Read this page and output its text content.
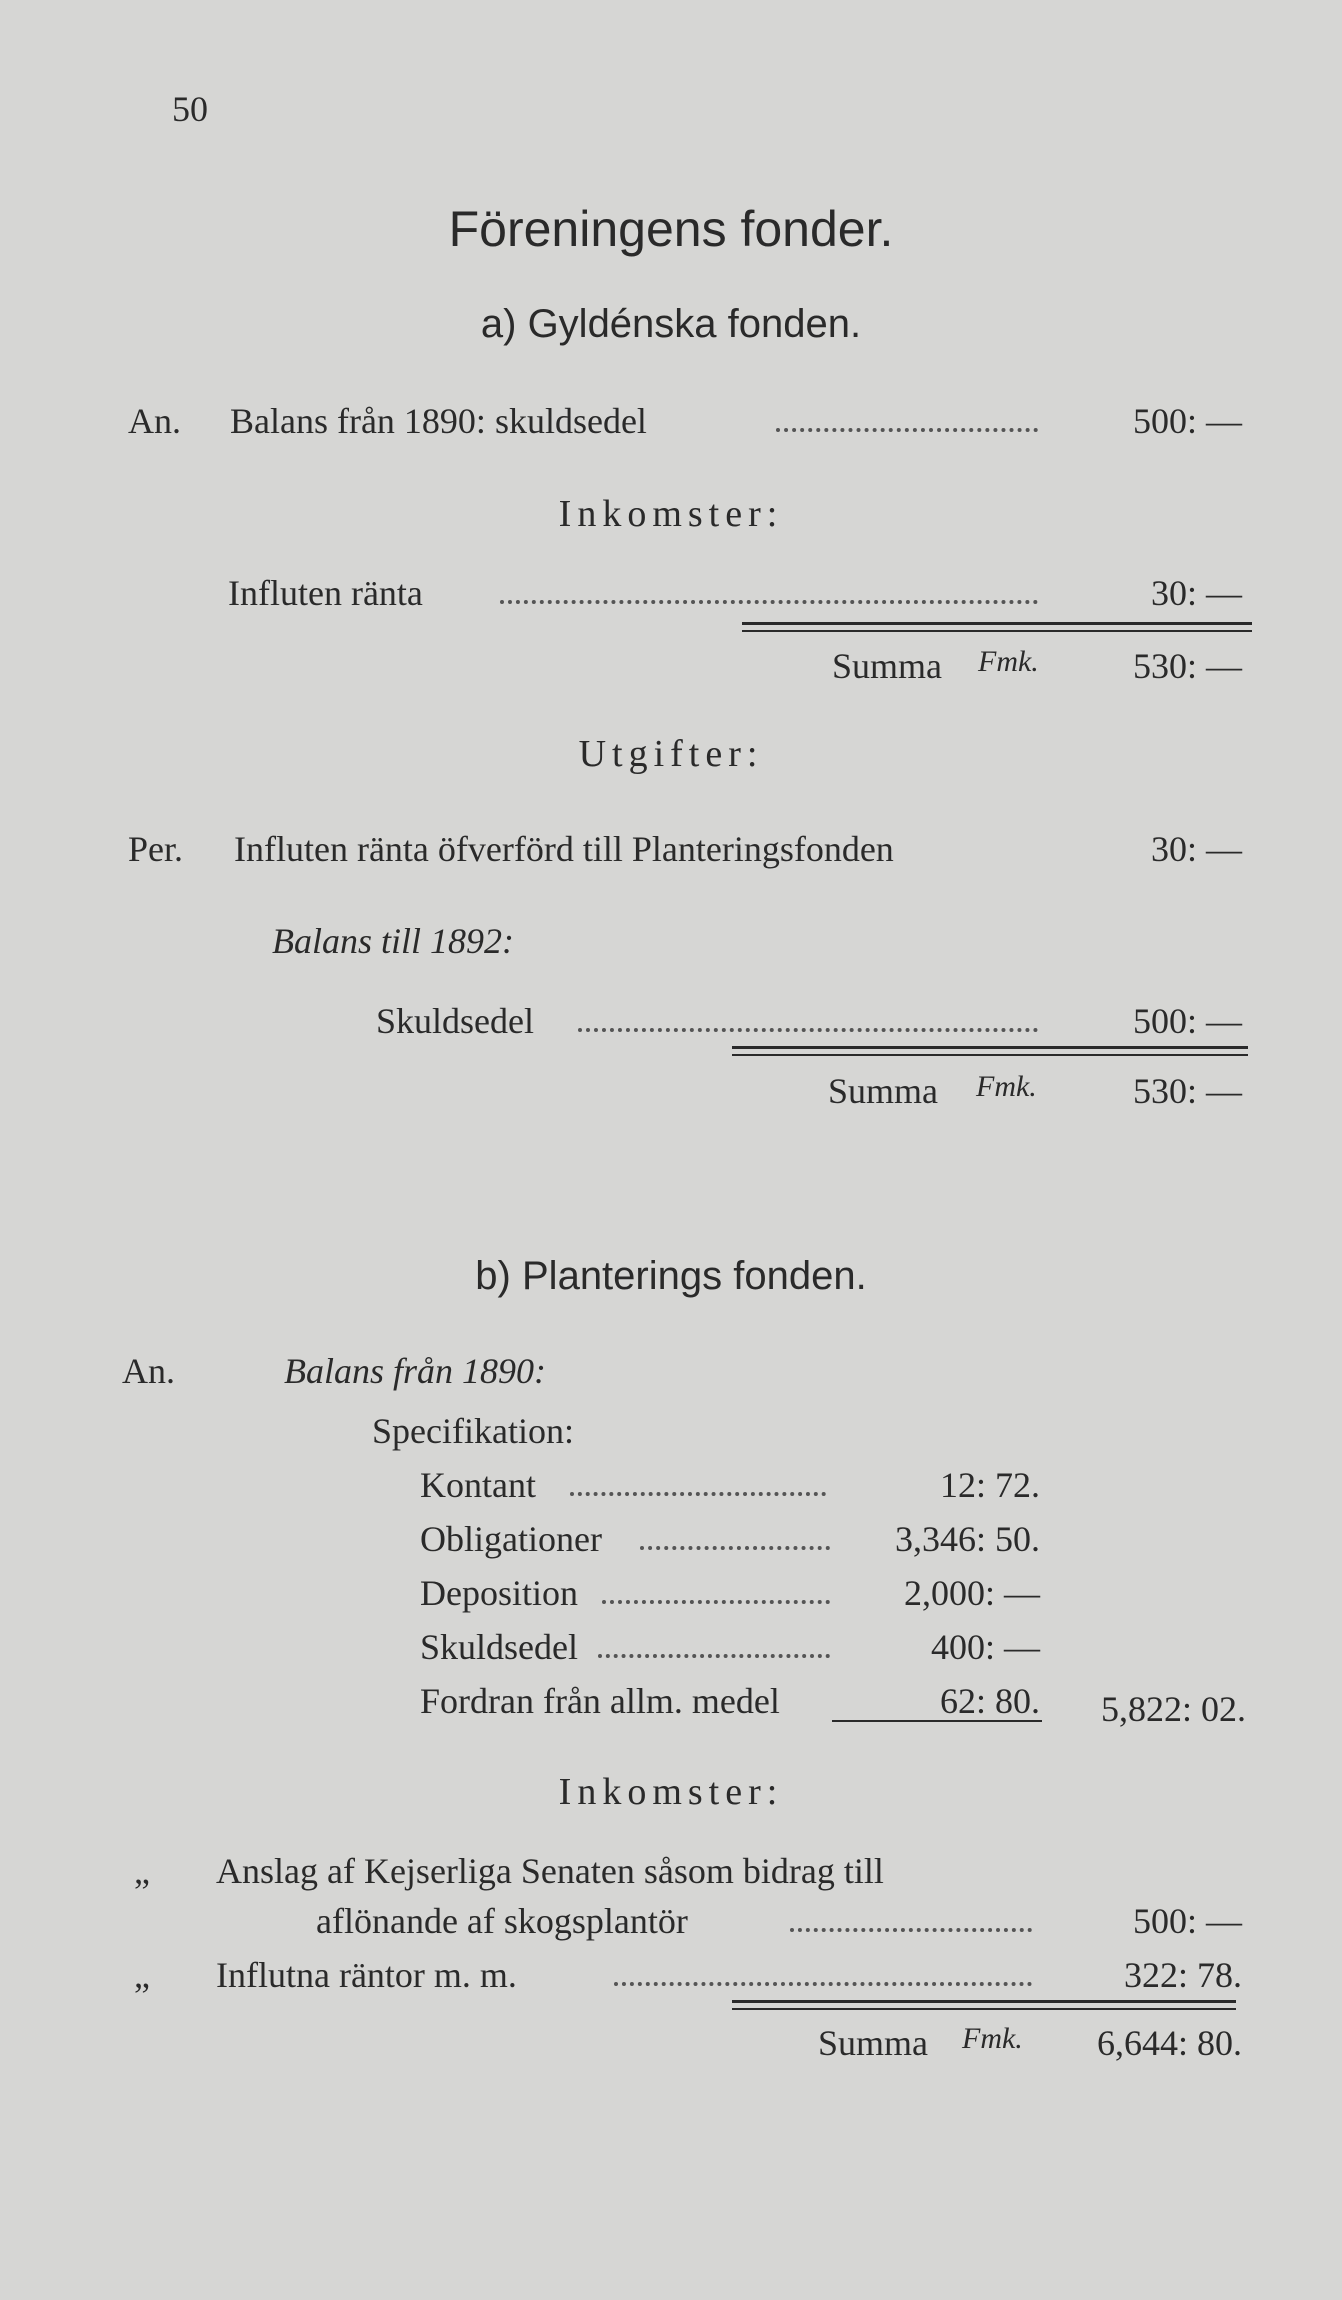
50
Föreningens fonder.
a) Gyldénska fonden.
An. Balans från 1890: skuldsedel	500: —
Inkomster:
Influten ränta	30: —
Summa Fmk.	530: —
Utgifter:
Per. Influten ränta öfverförd till Planteringsfonden	30: —
Balans till 1892:
Skuldsedel	500: —
Summa Fmk.	530: —
b) Planterings fonden.
An.	Balans från 1890:
Specifikation:
Kontant	12: 72.
Obligationer	3,346: 50.
Deposition	2,000: —
Skuldsedel	400: —
Fordran från allm. medel	62: 80.	5,822: 02.
Inkomster:
„ Anslag af Kejserliga Senaten såsom bidrag till
aflönande af skogsplantör	500: —
„ Influtna räntor m. m.	322: 78.
Summa Fmk.	6,644: 80.
